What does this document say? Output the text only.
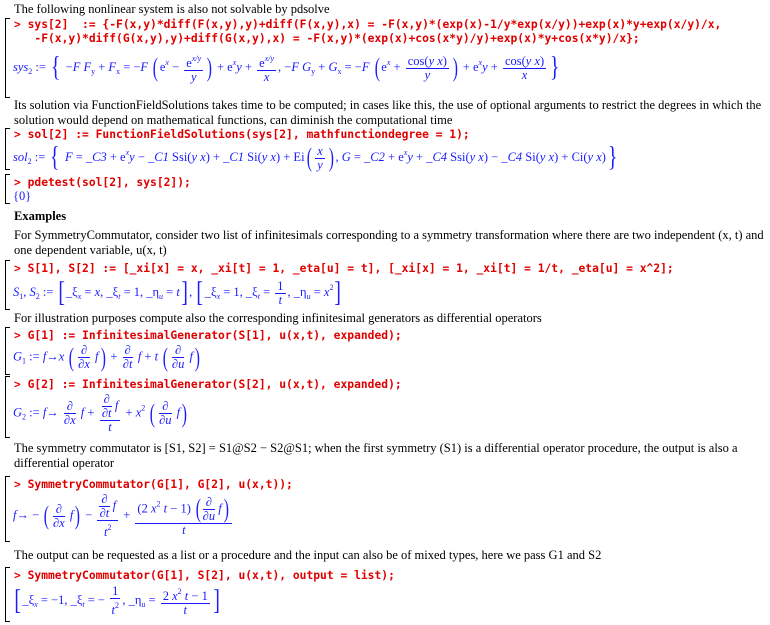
The following nonlinear system is also not solvable by pdsolve
> sys[2]  := {-F(x,y)*diff(F(x,y),y)+diff(F(x,y),x) = -F(x,y)*(exp(x)-1/y*exp(x/y))+exp(x)*y+exp(x/y)/x,
-F(x,y)*diff(G(x,y),y)+diff(G(x,y),x) = -F(x,y)*(exp(x)+cos(x*y)/y)+exp(x)*y+cos(x*y)/x};
sys$_2$ := { −F $F_y + F_x = -F$ ( $e^x - \frac{e^{x/y}}{y}$ ) + $e^xy + \frac{e^{x/y}}{x}$ , −F $G_y + G_x = -F$ ( $e^x + \frac{\text{cos(y x)}}{y}$ ) + $e^xy + \frac{\text{cos(y x)}}{x}$ }
Its solution via FunctionFieldSolutions takes time to be computed; in cases like this, the use of optional arguments to restrict the degrees in which the solution would depend on mathematical functions, can diminish the computational time
> sol[2] := FunctionFieldSolutions(sys[2], mathfunctiondegree = 1);
sol$_2$ := { F = _C3 + $e^xy$ − _C1 Ssi(y x) + _C1 Si(y $x) + Ei( \frac{x}{y}$ ) , G = _C2 + $e^xy$ + _C4 Ssi(y x) − _C4 Si(y x) + Ci(y x)}
> pdetest(sol[2], sys[2]);
{0}
Examples
For SymmetryCommutator, consider two list of infinitesimals corresponding to a symmetry transformation where there are two independent (x, t) and one dependent variable, u(x, t)
> S[1], S[2] := [_xi[x] = x, _xi[t] = 1, _eta[u] = t], [_xi[x] = 1, _xi[t] = 1/t, _eta[u] = x^2];
$S_1$, $S_2$ := [$\_\xi_x = x$, $\_\xi_t = 1$, $\_\eta_u = t$], [$\_\xi_x = 1$, $\_\xi_t = \frac{1}{t}$ , $\_\eta_u = x^2$]
For illustration purposes compute also the corresponding infinitesimal generators as differential operators
> G[1] := InfinitesimalGenerator(S[1], u(x,t), expanded);
$G_1$ := f→x ( $\frac{\partial}{\partial x} f) + \frac{\partial}{\partial t}$ f + t ( $\frac{\partial}{\partial u} f$)
> G[2] := InfinitesimalGenerator(S[2], u(x,t), expanded);
$G_2$ := $f\to \frac{\partial}{\partial x}$ $f + \frac{\frac{\partial}{\partial t} f}{t} + x^2$ ( $\frac{\partial}{\partial u} f$)
The symmetry commutator is [S1, S2] = S1@S2 − S2@S1; when the first symmetry (S1) is a differential operator procedure, the output is also a differential operator
> SymmetryCommutator(G[1], G[2], u(x,t));
f→ − ( $\frac{\partial}{\partial x} f) - \frac{\frac{\partial}{\partial t} f}{t^2} + \frac{(2 x^2 t - 1) ( \frac{\partial}{\partial u} f)}{t}$
The output can be requested as a list or a procedure and the input can also be of mixed types, here we pass G1 and S2
> SymmetryCommutator(G[1], S[2], u(x,t), output = list);
[$\_\xi_x = -1$, $\_\xi_t$ = − $\frac{1}{t^2}$ , $\_\eta_u = \frac{2 x^2 t - 1}{t}$ ]
